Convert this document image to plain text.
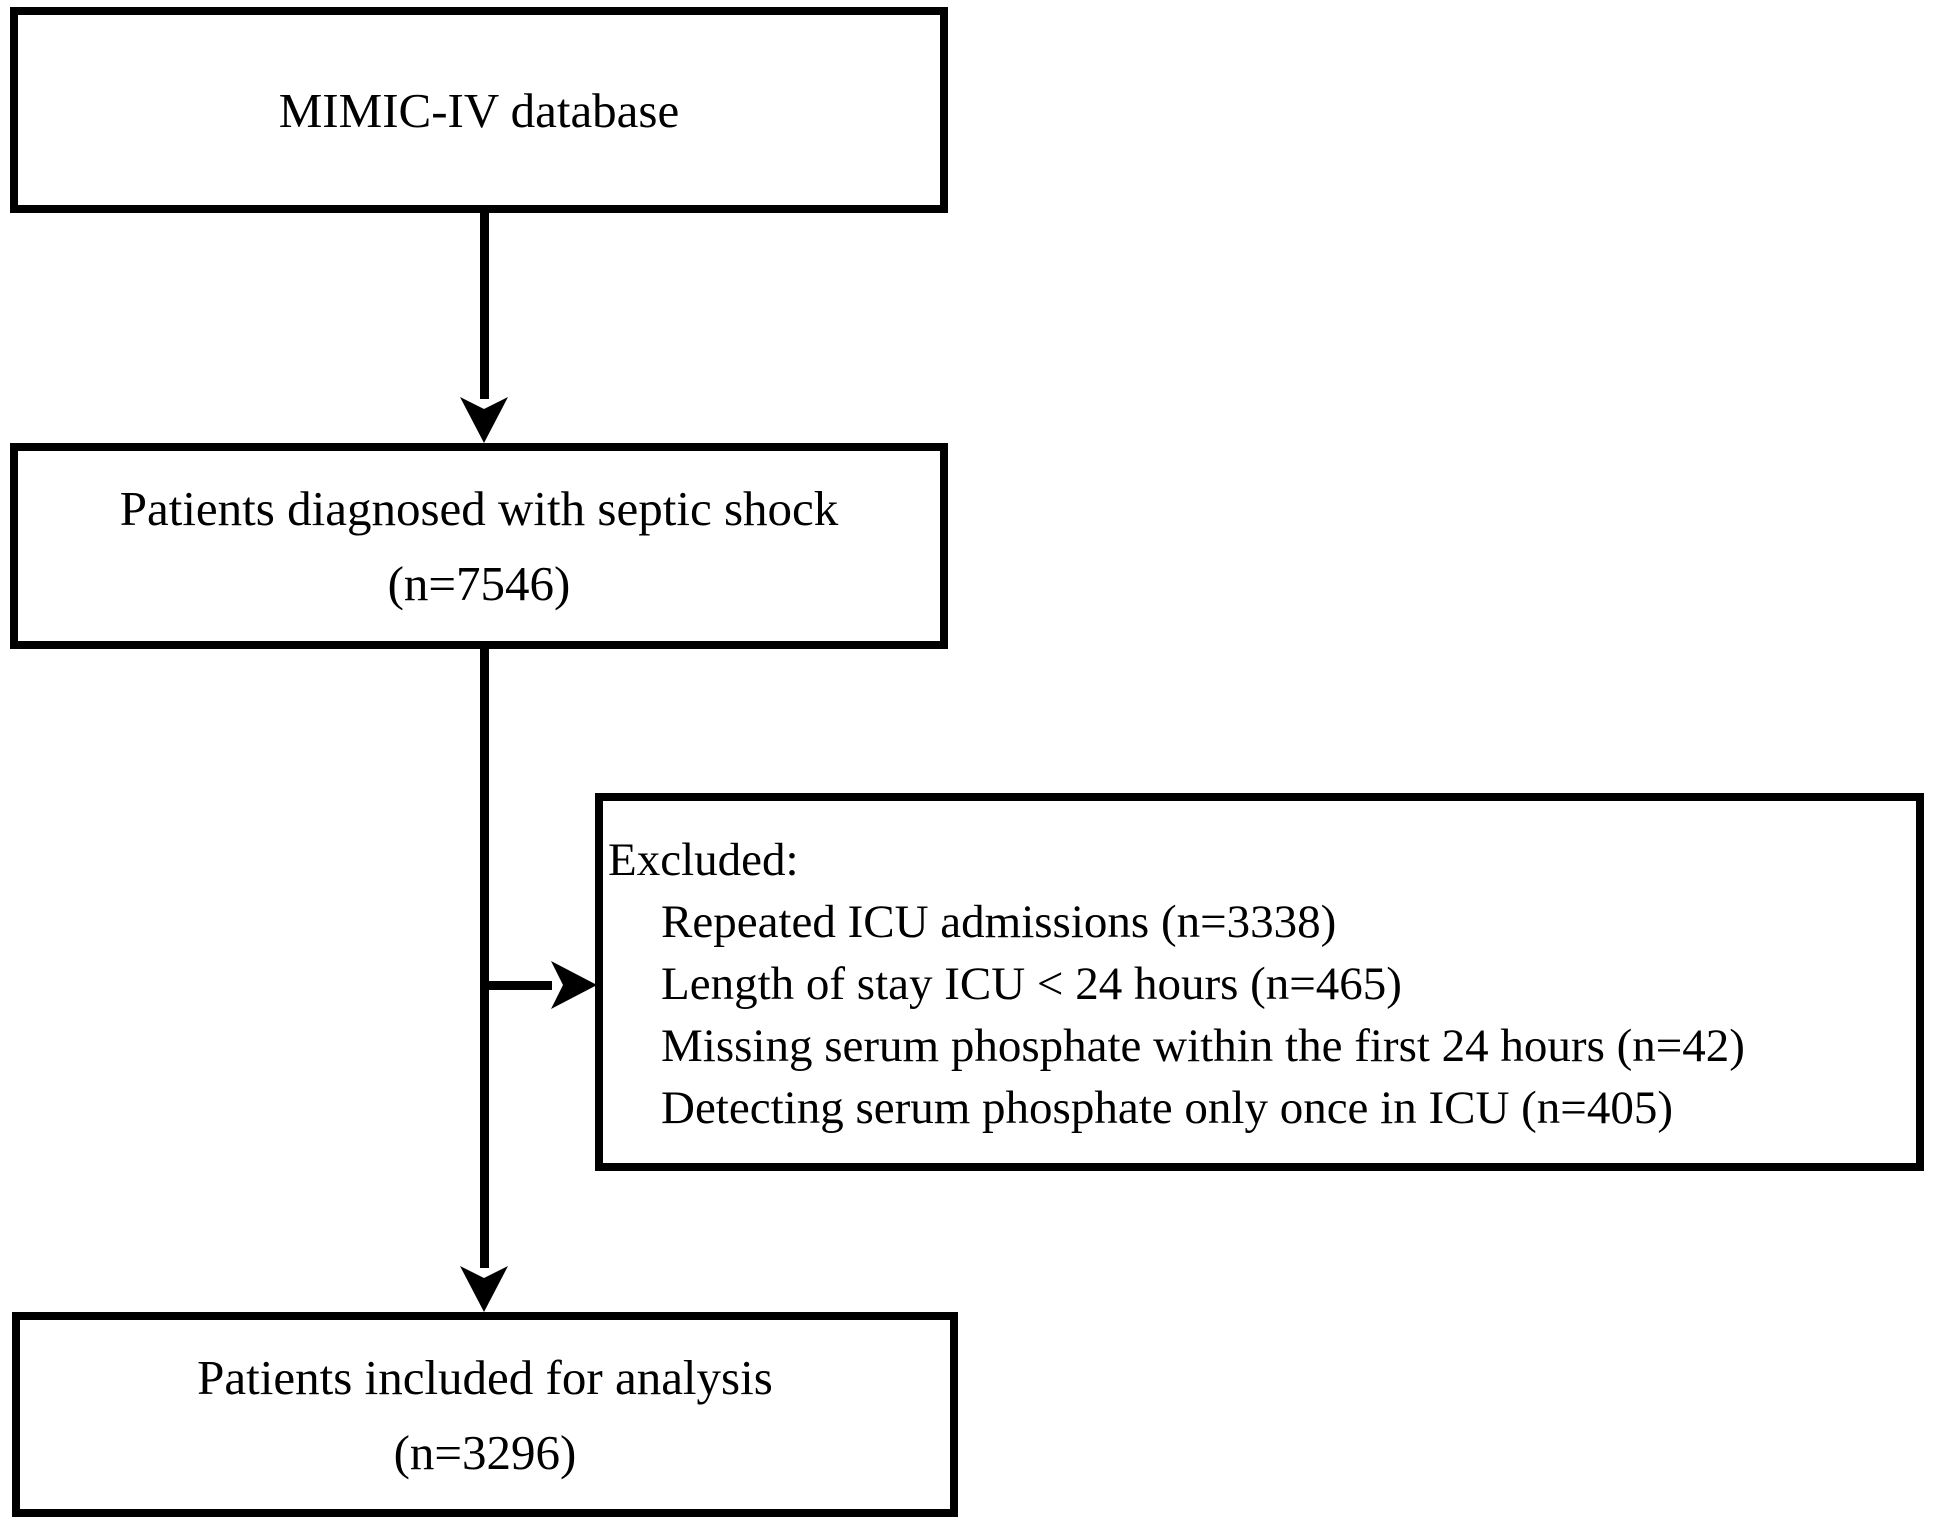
MIMIC-IV database
Patients diagnosed with septic shock
(n=7546)
Excluded:
Repeated ICU admissions (n=3338)
Length of stay ICU < 24 hours (n=465)
Missing serum phosphate within the first 24 hours (n=42)
Detecting serum phosphate only once in ICU (n=405)
Patients included for analysis
(n=3296)
